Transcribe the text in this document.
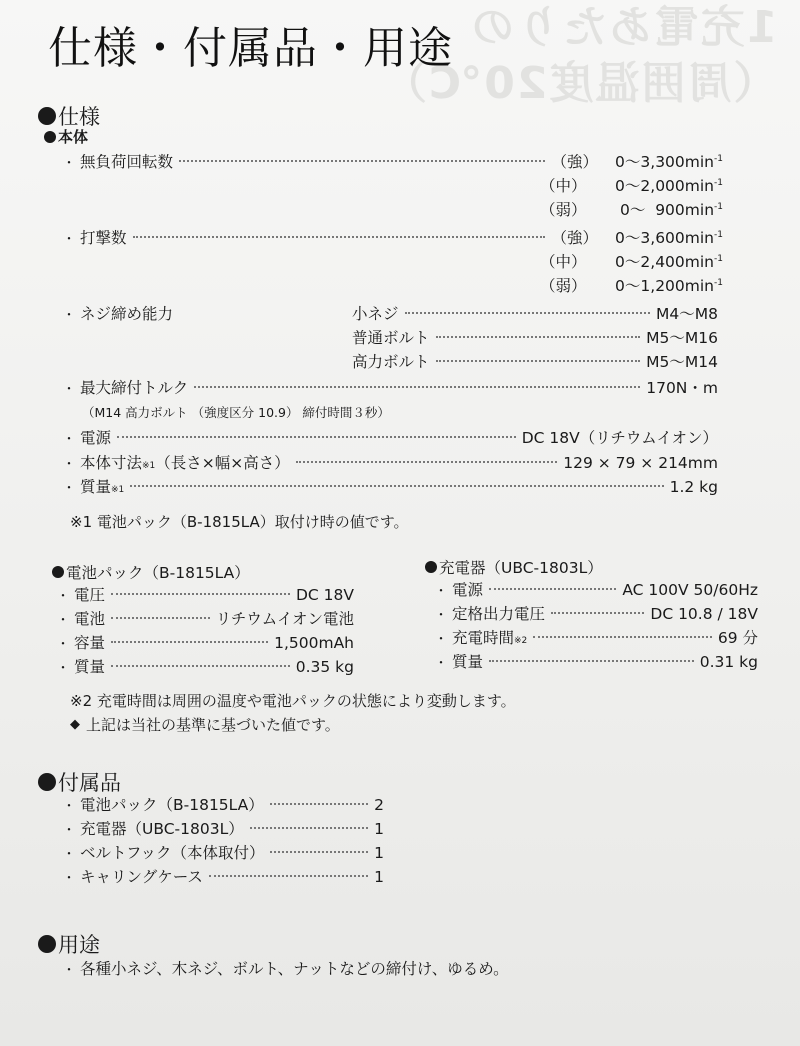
1充電あたりの
（周囲温度20℃）
仕様・付属品・用途
仕様
本体
・ 無負荷回転数	（強）	$0\sim 3,300\min^{-1}$
（中）	$0\sim 2,000\min^{-1}$
（弱）	0～  $900\min^{-1}$
・ 打撃数	（強）	$0\sim 3,600\min^{-1}$
（中）	$0\sim 2,400\min^{-1}$
（弱）	$0\sim 1,200\min^{-1}$
・ ネジ締め能力	小ネジ	M4～M8
普通ボルト	M5～M16
高力ボルト	M5～M14
・ 最大締付トルク	170N・m
（M14 高力ボルト （強度区分 10.9） 締付時間３秒）
・ 電源	DC 18V（リチウムイオン）
・ 本体寸法$_{※1}$ （長さ×幅×高さ）	129 × 79 × 214mm
・ 質量$_{※1}$	1.2 kg
※1 電池パック（B-1815LA）取付け時の値です。
電池パック（B-1815LA）
・ 電圧	DC 18V
・ 電池	リチウムイオン電池
・ 容量	1,500mAh
・ 質量	0.35 kg
充電器（UBC-1803L）
・ 電源	AC 100V 50/60Hz
・ 定格出力電圧	DC 10.8 / 18V
・ 充電時間$_{※2}$	69 分
・ 質量	0.31 kg
※2 充電時間は周囲の温度や電池パックの状態により変動します。
◆ 上記は当社の基準に基づいた値です。
付属品
・ 電池パック（B-1815LA）	2
・ 充電器（UBC-1803L）	1
・ ベルトフック（本体取付）	1
・ キャリングケース	1
用途
・ 各種小ネジ、木ネジ、ボルト、ナットなどの締付け、ゆるめ。
